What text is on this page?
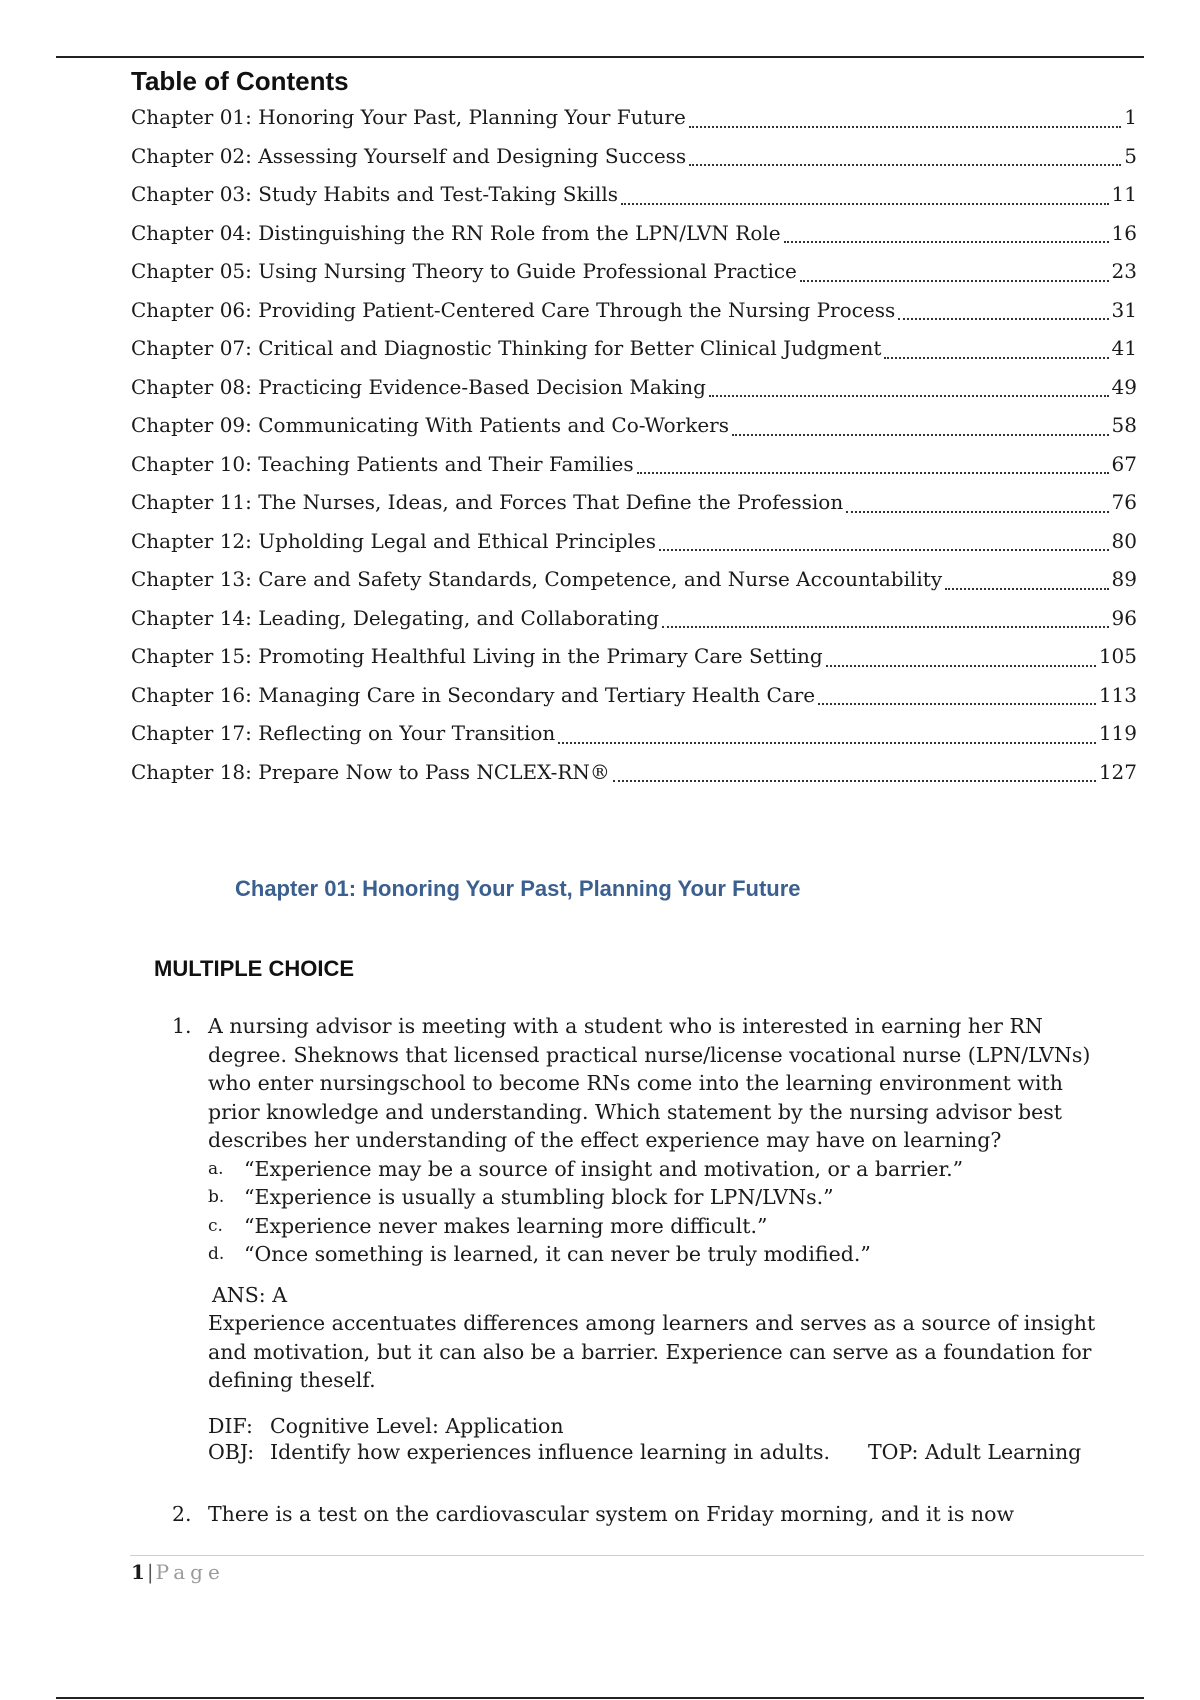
Table of Contents
Chapter 01: Honoring Your Past, Planning Your Future	1
Chapter 02: Assessing Yourself and Designing Success	5
Chapter 03: Study Habits and Test-Taking Skills	11
Chapter 04: Distinguishing the RN Role from the LPN/LVN Role	16
Chapter 05: Using Nursing Theory to Guide Professional Practice	23
Chapter 06: Providing Patient-Centered Care Through the Nursing Process	31
Chapter 07: Critical and Diagnostic Thinking for Better Clinical Judgment	41
Chapter 08: Practicing Evidence-Based Decision Making	49
Chapter 09: Communicating With Patients and Co-Workers	58
Chapter 10: Teaching Patients and Their Families	67
Chapter 11: The Nurses, Ideas, and Forces That Define the Profession	76
Chapter 12: Upholding Legal and Ethical Principles	80
Chapter 13: Care and Safety Standards, Competence, and Nurse Accountability	89
Chapter 14: Leading, Delegating, and Collaborating	96
Chapter 15: Promoting Healthful Living in the Primary Care Setting	105
Chapter 16: Managing Care in Secondary and Tertiary Health Care	113
Chapter 17: Reflecting on Your Transition	119
Chapter 18: Prepare Now to Pass NCLEX-RN®	127
Chapter 01: Honoring Your Past, Planning Your Future
MULTIPLE CHOICE
1. A nursing advisor is meeting with a student who is interested in earning her RN degree. Sheknows that licensed practical nurse/license vocational nurse (LPN/LVNs) who enter nursingschool to become RNs come into the learning environment with prior knowledge and understanding. Which statement by the nursing advisor best describes her understanding of the effect experience may have on learning?

a. “Experience may be a source of insight and motivation, or a barrier.”
b. “Experience is usually a stumbling block for LPN/LVNs.”
c.	“Experience never makes learning more difficult.”
d. “Once something is learned, it can never be truly modified.”
ANS: A

Experience accentuates differences among learners and serves as a source of insight and motivation, but it can also be a barrier. Experience can serve as a foundation for defining theself.

DIF: Cognitive Level: Application
OBJ: Identify how experiences influence learning in adults. TOP:
Adult Learning
2. There is a test on the cardiovascular system on Friday morning, and it is now

1 | Page
